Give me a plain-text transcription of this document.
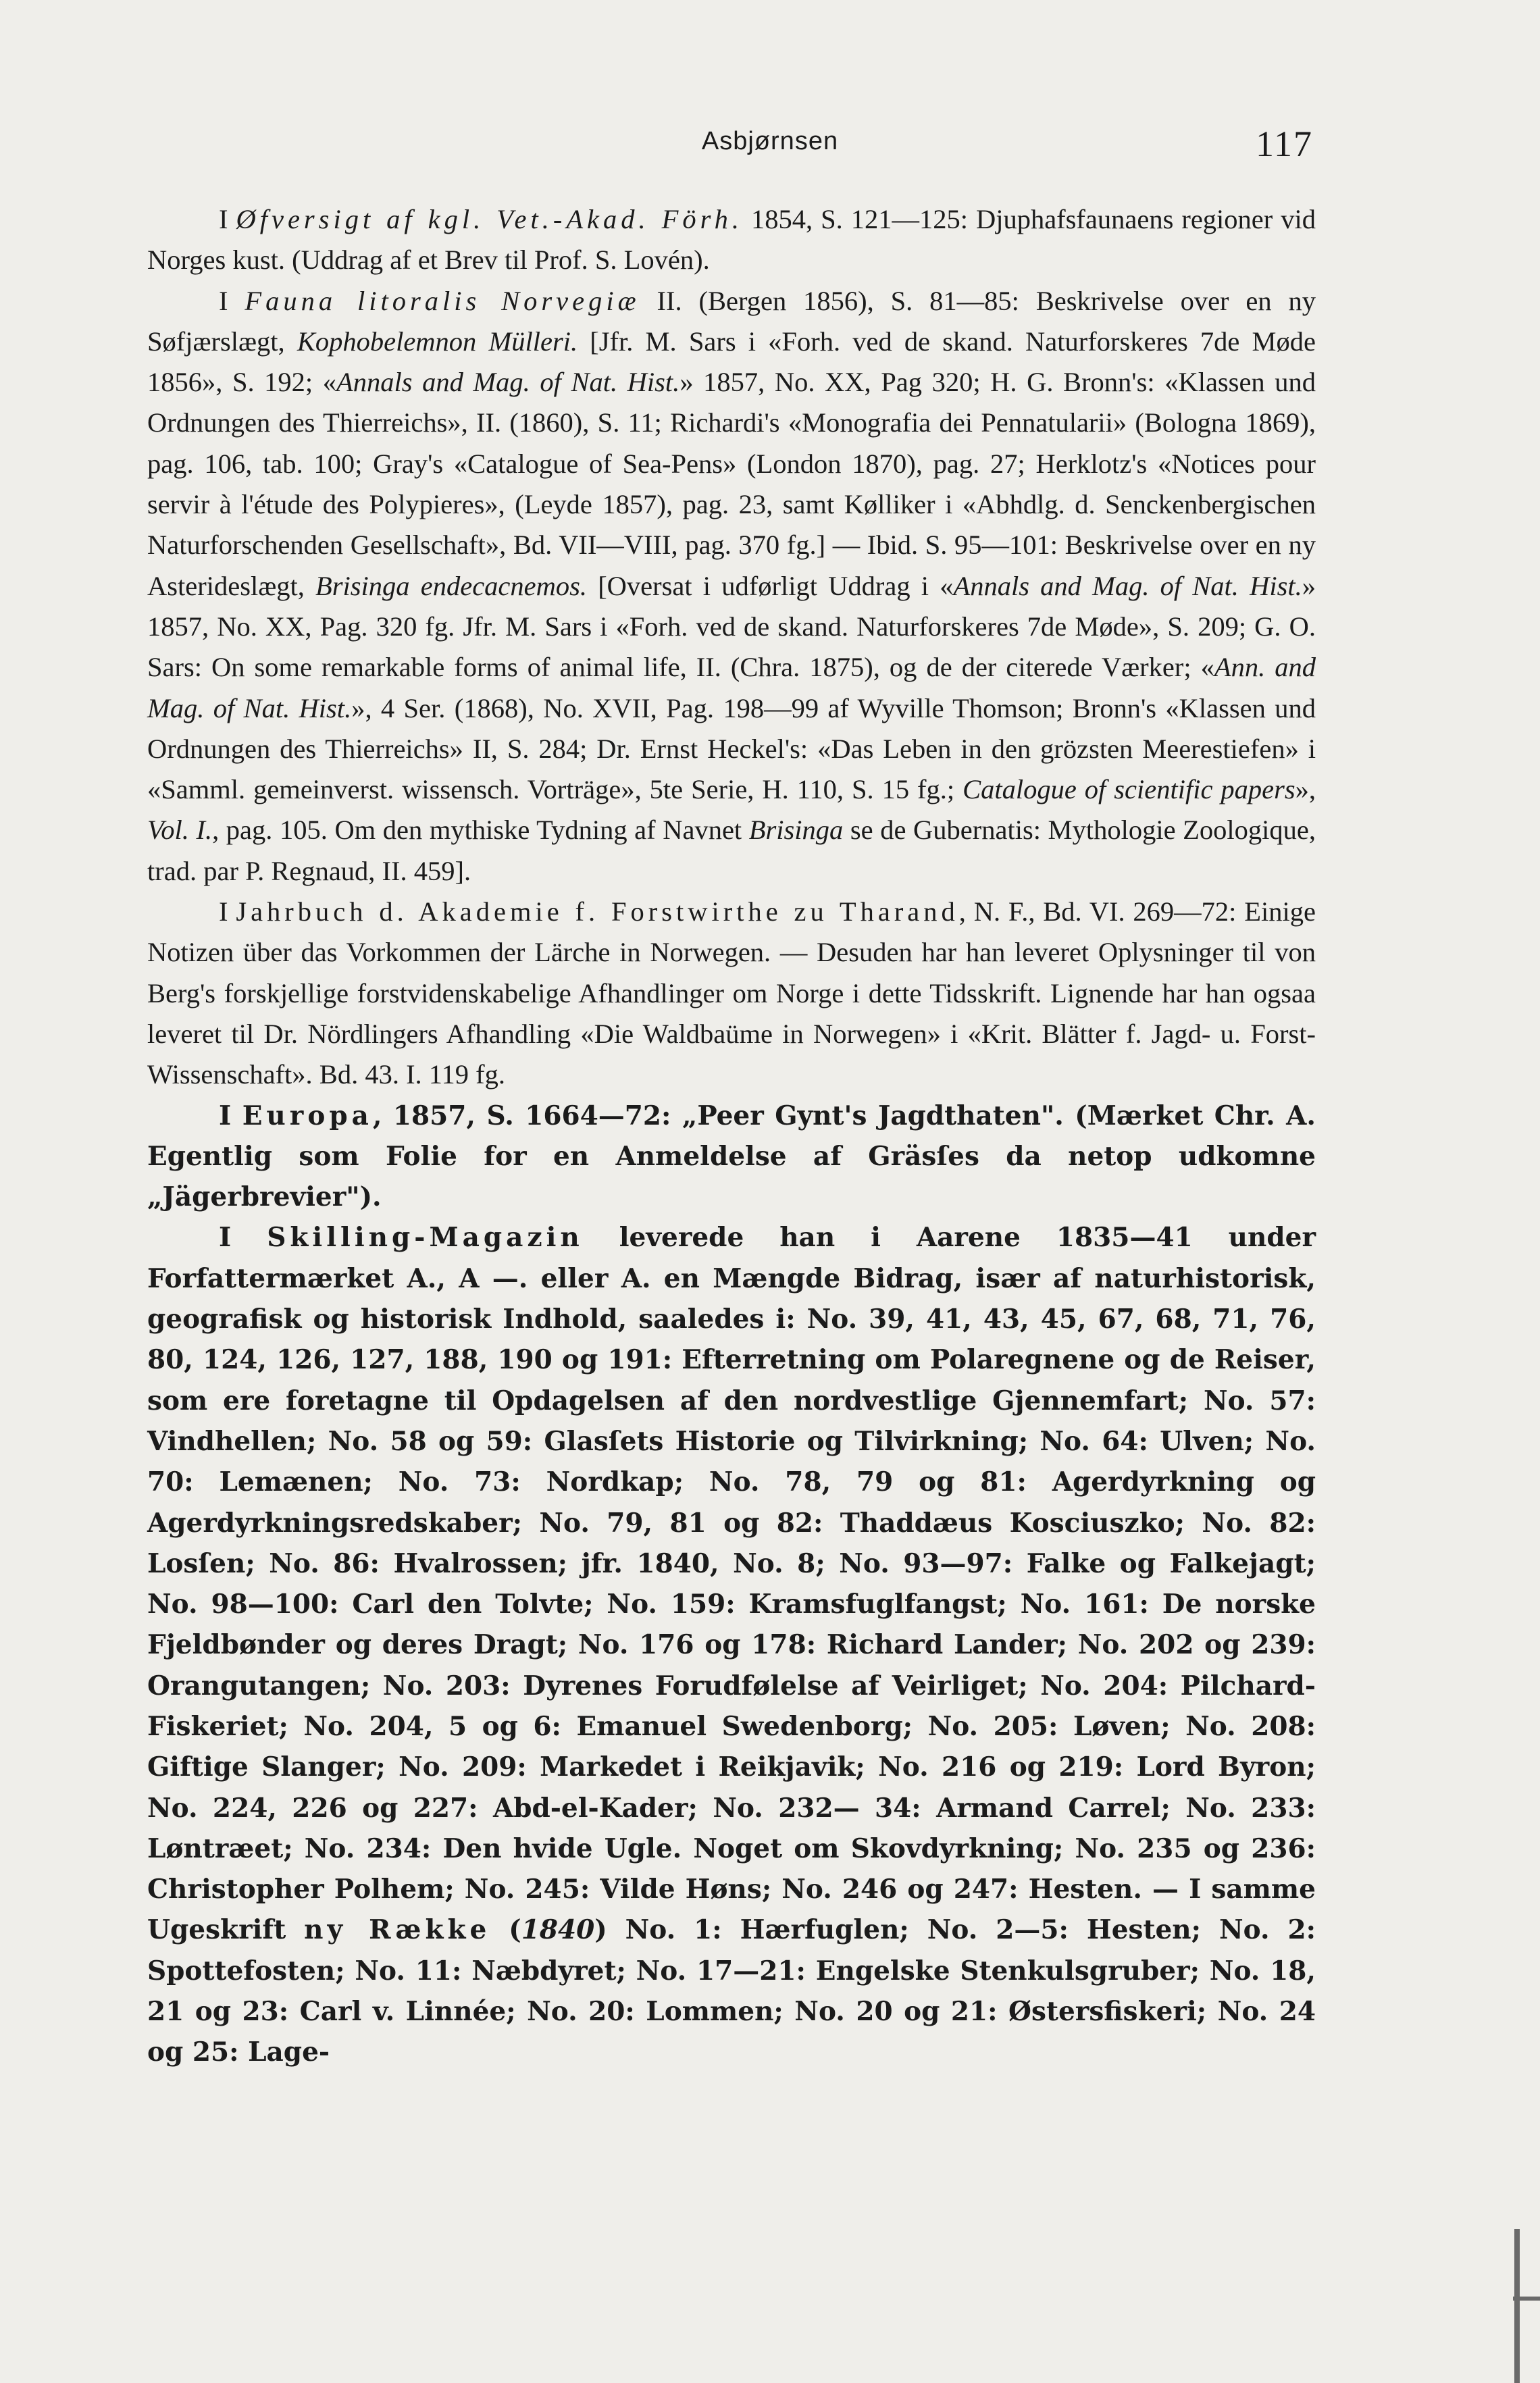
Asbjørnsen	117

I Øfversigt af kgl. Vet.-Akad. Förh. 1854, S. 121—125: Djuphafsfaunaens regioner vid Norges kust. (Uddrag af et Brev til Prof. S. Lovén).

I Fauna litoralis Norvegiæ II. (Bergen 1856), S. 81—85: Beskrivelse over en ny Søfjærslægt, Kophobelemnon Mülleri. [Jfr. M. Sars i «Forh. ved de skand. Naturforskeres 7de Møde 1856», S. 192; «Annals and Mag. of Nat. Hist.» 1857, No. XX, Pag 320; H. G. Bronn's: «Klassen und Ordnungen des Thierreichs», II. (1860), S. 11; Richardi's «Monografia dei Pennatularii» (Bologna 1869), pag. 106, tab. 100; Gray's «Catalogue of Sea-Pens» (London 1870), pag. 27; Herklotz's «Notices pour servir à l'étude des Polypieres», (Leyde 1857), pag. 23, samt Kølliker i «Abhdlg. d. Senckenbergischen Naturforschenden Gesellschaft», Bd. VII—VIII, pag. 370 fg.] — Ibid. S. 95—101: Beskrivelse over en ny Asterideslægt, Brisinga endecacnemos. [Oversat i udførligt Uddrag i «Annals and Mag. of Nat. Hist.» 1857, No. XX, Pag. 320 fg. Jfr. M. Sars i «Forh. ved de skand. Naturforskeres 7de Møde», S. 209; G. O. Sars: On some remarkable forms of animal life, II. (Chra. 1875), og de der citerede Værker; «Ann. and Mag. of Nat. Hist.», 4 Ser. (1868), No. XVII, Pag. 198—99 af Wyville Thomson; Bronn's «Klassen und Ordnungen des Thierreichs» II, S. 284; Dr. Ernst Heckel's: «Das Leben in den grözsten Meerestiefen» i «Samml. gemeinverst. wissensch. Vorträge», 5te Serie, H. 110, S. 15 fg.; Catalogue of scientific papers», Vol. I., pag. 105. Om den mythiske Tydning af Navnet Brisinga se de Gubernatis: Mythologie Zoologique, trad. par P. Regnaud, II. 459].

I Jahrbuch d. Akademie f. Forstwirthe zu Tharand, N. F., Bd. VI. 269—72: Einige Notizen über das Vorkommen der Lärche in Norwegen. — Desuden har han leveret Oplysninger til von Berg's forskjellige forstvidenskabelige Afhandlinger om Norge i dette Tidsskrift. Lignende har han ogsaa leveret til Dr. Nördlingers Afhandling «Die Waldbaüme in Norwegen» i «Krit. Blätter f. Jagd- u. Forst-Wissenschaft». Bd. 43. I. 119 fg.

I Europa, 1857, S. 1664—72: „Peer Gynt's Jagdthaten". (Mærket Chr. A. Egentlig som Folie for en Anmeldelse af Gräsſes da netop udkomne „Jägerbrevier").

I Skilling-Magazin leverede han i Aarene 1835—41 under Forfattermærket A., A —. eller A. en Mængde Bidrag, især af naturhistorisk, geografisk og historisk Indhold, saaledes i: No. 39, 41, 43, 45, 67, 68, 71, 76, 80, 124, 126, 127, 188, 190 og 191: Efterretning om Polaregnene og de Reiser, som ere foretagne til Opdagelsen af den nordvestlige Gjennemfart; No. 57: Vindhellen; No. 58 og 59: Glasſets Historie og Tilvirkning; No. 64: Ulven; No. 70: Lemænen; No. 73: Nordkap; No. 78, 79 og 81: Agerdyrkning og Agerdyrkningsredskaber; No. 79, 81 og 82: Thaddæus Kosciuszko; No. 82: Losſen; No. 86: Hvalrossen; jfr. 1840, No. 8; No. 93—97: Falke og Falkejagt; No. 98—100: Carl den Tolvte; No. 159: Kramsfuglfangst; No. 161: De norske Fjeldbønder og deres Dragt; No. 176 og 178: Richard Lander; No. 202 og 239: Orangutangen; No. 203: Dyrenes Forudfølelse af Veirliget; No. 204: Pilchard-Fiskeriet; No. 204, 5 og 6: Emanuel Swedenborg; No. 205: Løven; No. 208: Giftige Slanger; No. 209: Markedet i Reikjavik; No. 216 og 219: Lord Byron; No. 224, 226 og 227: Abd-el-Kader; No. 232— 34: Armand Carrel; No. 233: Løntræet; No. 234: Den hvide Ugle. Noget om Skovdyrkning; No. 235 og 236: Christopher Polhem; No. 245: Vilde Høns; No. 246 og 247: Hesten. — I samme Ugeskrift ny Række (1840) No. 1: Hærfuglen; No. 2—5: Hesten; No. 2: Spottefosten; No. 11: Næbdyret; No. 17—21: Engelske Stenkulsgruber; No. 18, 21 og 23: Carl v. Linnée; No. 20: Lommen; No. 20 og 21: Østersfiskeri; No. 24 og 25: Lage-
